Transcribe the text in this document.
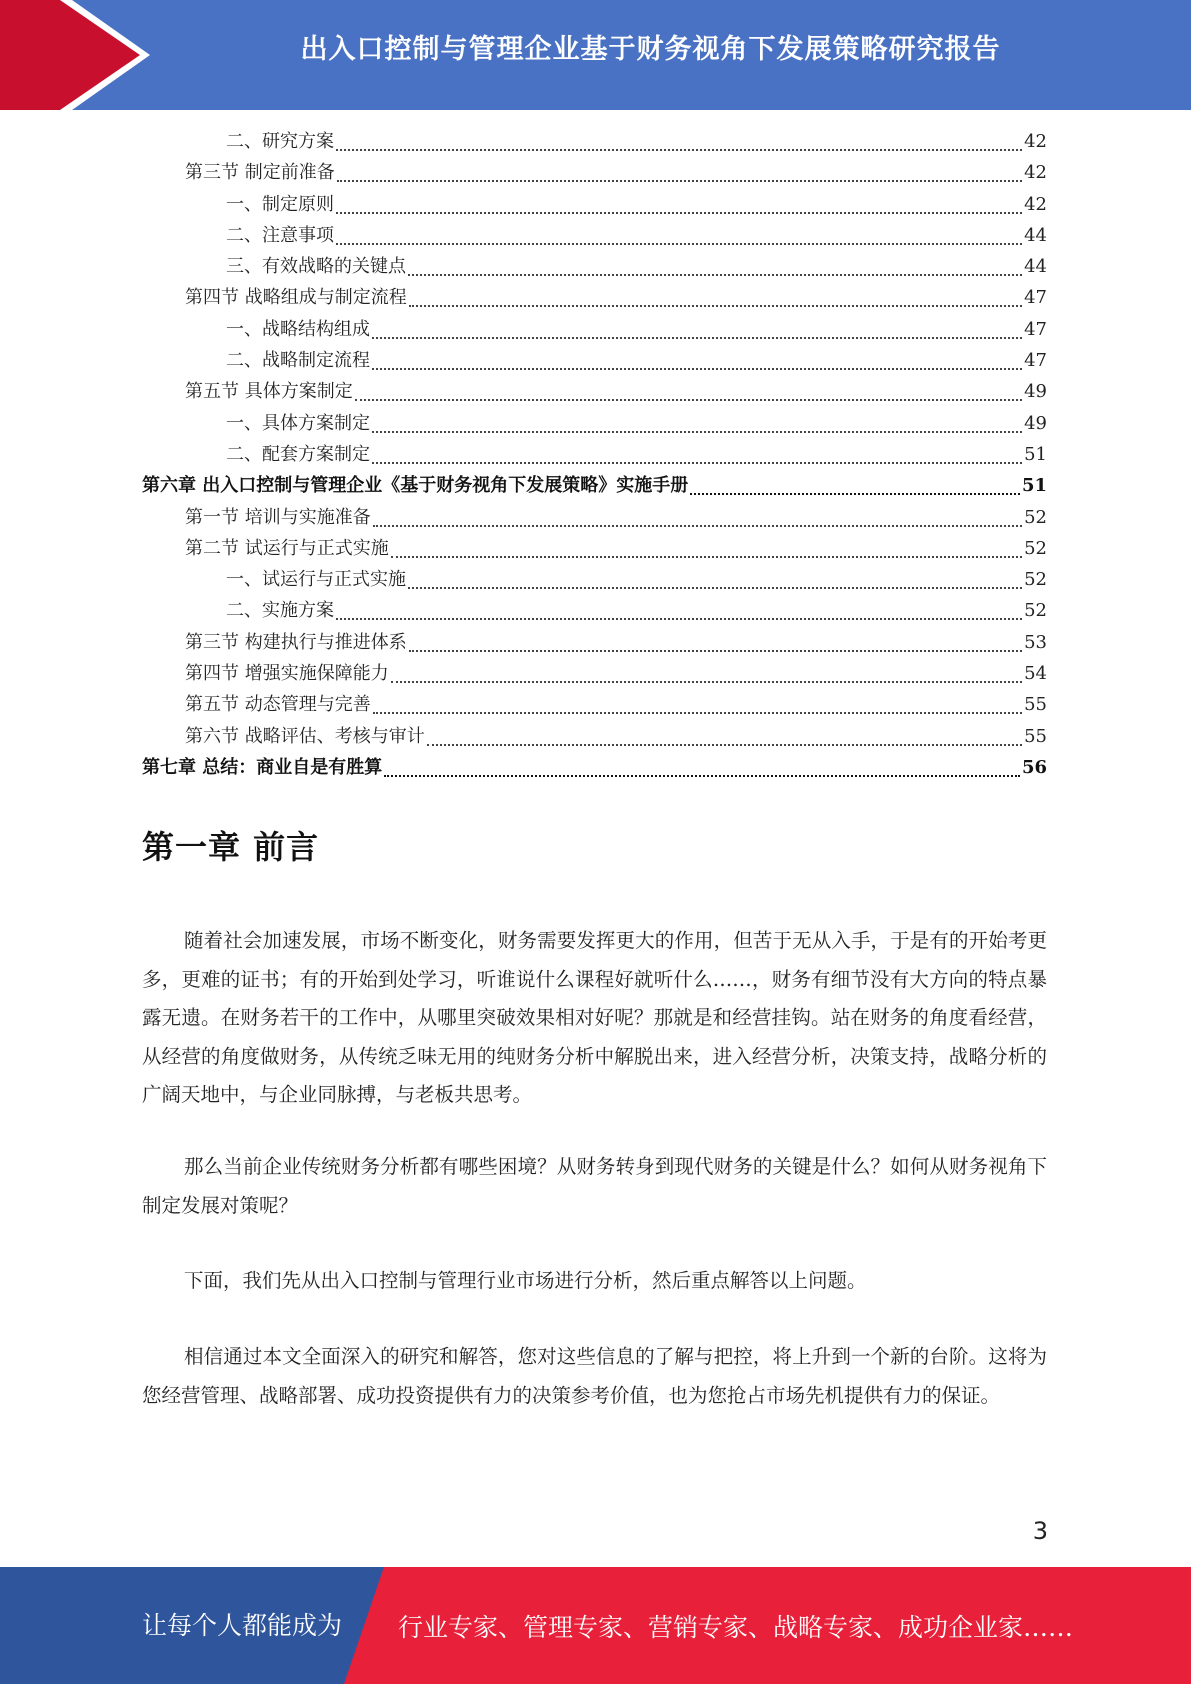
出入口控制与管理企业基于财务视角下发展策略研究报告
二、研究方案	42
第三节 制定前准备	42
一、制定原则	42
二、注意事项	44
三、有效战略的关键点	44
第四节 战略组成与制定流程	47
一、战略结构组成	47
二、战略制定流程	47
第五节 具体方案制定	49
一、具体方案制定	49
二、配套方案制定	51
第六章 出入口控制与管理企业《基于财务视角下发展策略》实施手册	51
第一节 培训与实施准备	52
第二节 试运行与正式实施	52
一、试运行与正式实施	52
二、实施方案	52
第三节 构建执行与推进体系	53
第四节 增强实施保障能力	54
第五节 动态管理与完善	55
第六节 战略评估、考核与审计	55
第七章 总结：商业自是有胜算	56
第一章 前言

随着社会加速发展，市场不断变化，财务需要发挥更大的作用，但苦于无从入手，于是有的开始考更多，更难的证书；有的开始到处学习，听谁说什么课程好就听什么……，财务有细节没有大方向的特点暴露无遗。在财务若干的工作中，从哪里突破效果相对好呢？那就是和经营挂钩。站在财务的角度看经营，从经营的角度做财务，从传统乏味无用的纯财务分析中解脱出来，进入经营分析，决策支持，战略分析的广阔天地中，与企业同脉搏，与老板共思考。

那么当前企业传统财务分析都有哪些困境？从财务转身到现代财务的关键是什么？如何从财务视角下制定发展对策呢？

下面，我们先从出入口控制与管理行业市场进行分析，然后重点解答以上问题。

相信通过本文全面深入的研究和解答，您对这些信息的了解与把控，将上升到一个新的台阶。这将为您经营管理、战略部署、成功投资提供有力的决策参考价值，也为您抢占市场先机提供有力的保证。

3
让每个人都能成为 行业专家、管理专家、营销专家、战略专家、成功企业家……
